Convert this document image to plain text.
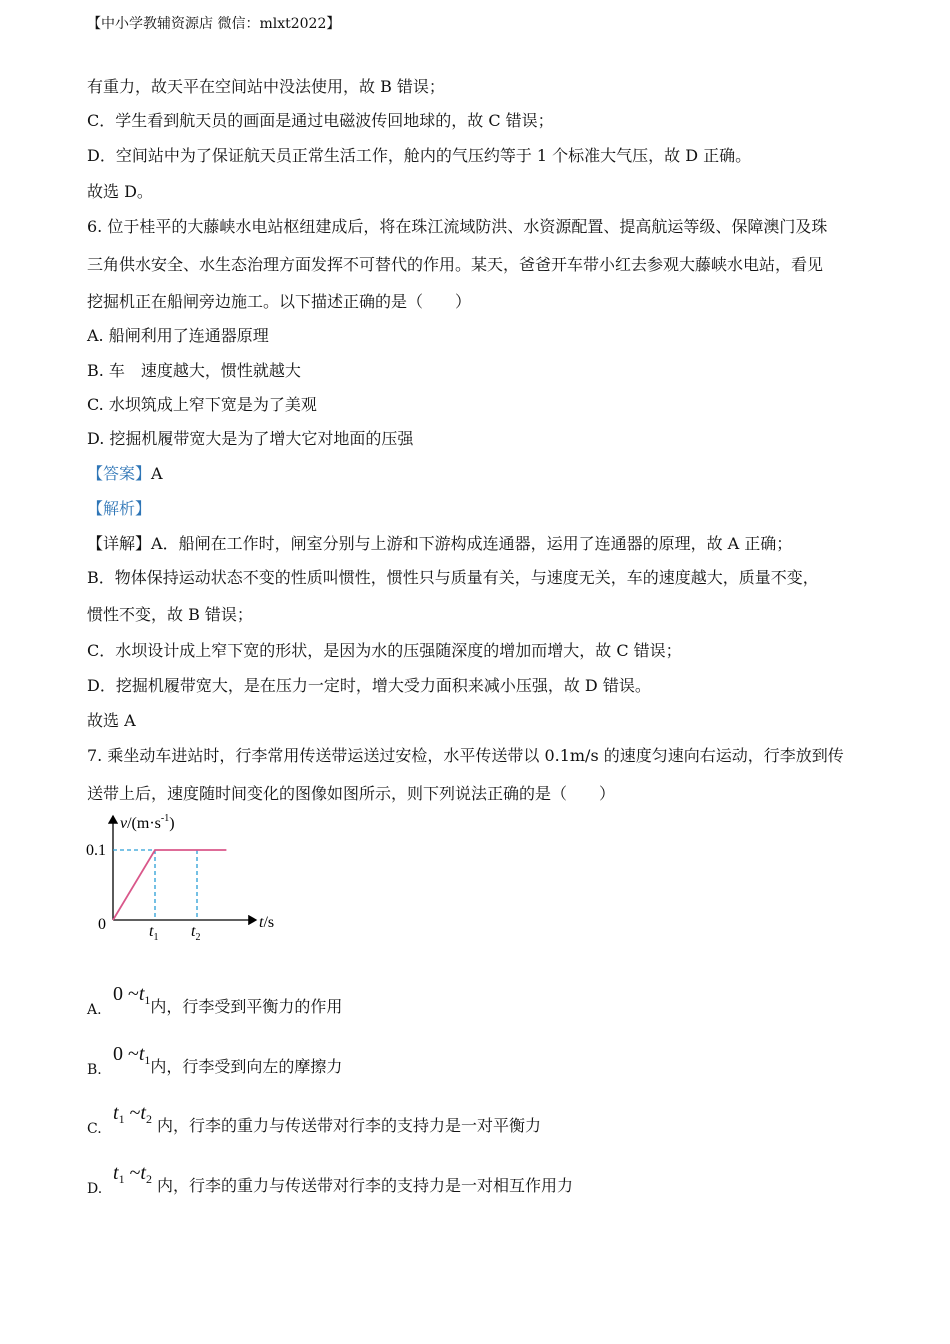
【中小学教辅资源店 微信：mlxt2022】
有重力，故天平在空间站中没法使用，故 B 错误；
C．学生看到航天员的画面是通过电磁波传回地球的，故 C 错误；
D．空间站中为了保证航天员正常生活工作，舱内的气压约等于 1 个标准大气压，故 D 正确。
故选 D。
6. 位于桂平的大藤峡水电站枢纽建成后，将在珠江流域防洪、水资源配置、提高航运等级、保障澳门及珠
三角供水安全、水生态治理方面发挥不可替代的作用。某天，爸爸开车带小红去参观大藤峡水电站，看见
挖掘机正在船闸旁边施工。以下描述正确的是（　　）
A. 船闸利用了连通器原理
B. 车　速度越大，惯性就越大
C. 水坝筑成上窄下宽是为了美观
D. 挖掘机履带宽大是为了增大它对地面的压强
【答案】A
【解析】
【详解】A．船闸在工作时，闸室分别与上游和下游构成连通器，运用了连通器的原理，故 A 正确；
B．物体保持运动状态不变的性质叫惯性，惯性只与质量有关，与速度无关，车的速度越大，质量不变，
惯性不变，故 B 错误；
C．水坝设计成上窄下宽的形状，是因为水的压强随深度的增加而增大，故 C 错误；
D．挖掘机履带宽大，是在压力一定时，增大受力面积来减小压强，故 D 错误。
故选 A
7. 乘坐动车进站时，行李常用传送带运送过安检，水平传送带以 0.1m/s 的速度匀速向右运动，行李放到传
送带上后，速度随时间变化的图像如图所示，则下列说法正确的是（　　）
$v/(m\cdot s^{-1})$
0.1
0	$t_1$ $t_2$
t/s
A.0 $\sim t_1$内，行李受到平衡力的作用
B.0 $\sim t_1$内，行李受到向左的摩擦力
$C.t_1$ $\sim t_2$ 内，行李的重力与传送带对行李的支持力是一对平衡力
$D.t_1$ $\sim t_2$ 内，行李的重力与传送带对行李的支持力是一对相互作用力
